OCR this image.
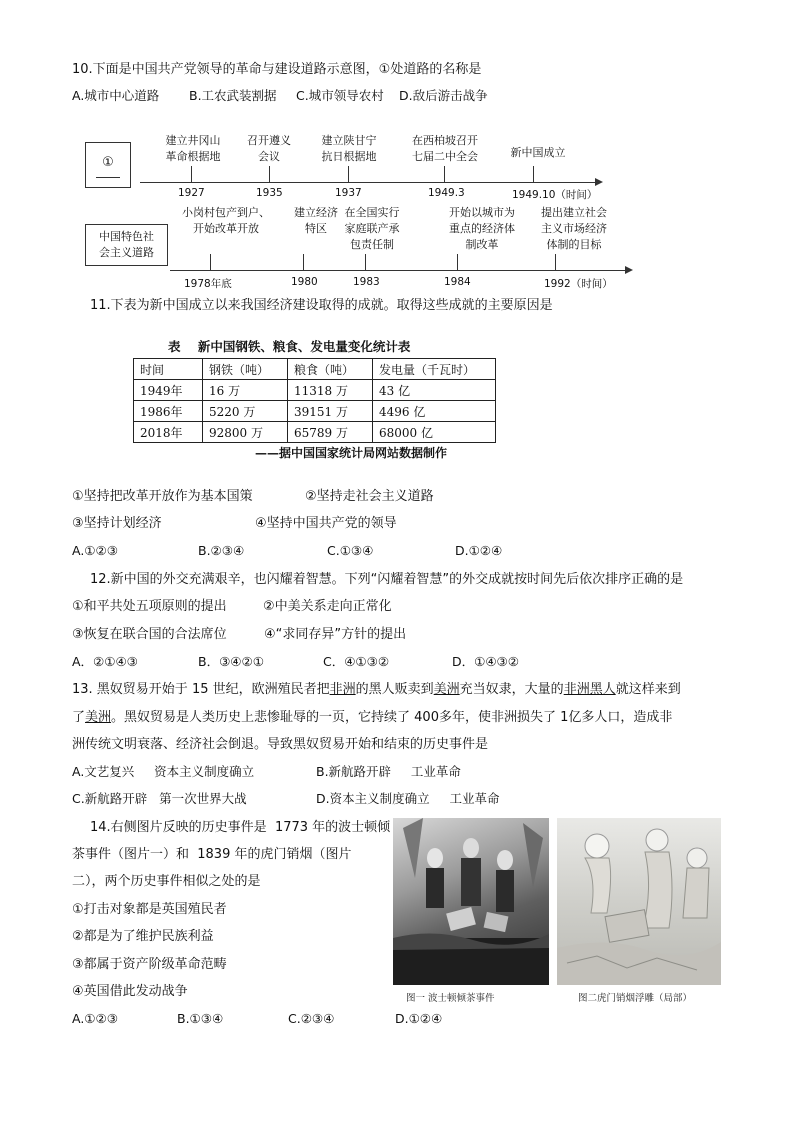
10.下面是中国共产党领导的革命与建设道路示意图，①处道路的名称是
A.城市中心道路 B.工农武装割据 C.城市领导农村 D.敌后游击战争
①
建立井冈山
革命根据地
召开遵义
会议
建立陕甘宁
抗日根据地
在西柏坡召开
七届二中全会	新中国成立
1927	1935	1937	1949.3	1949.10（时间）
中国特色社
会主义道路
小岗村包产到户、
开始改革开放
建立经济
特区
在全国实行
家庭联产承
包责任制
开始以城市为
重点的经济体
制改革
提出建立社会
主义市场经济
体制的目标
1978年底	1980	1983	1984	1992（时间）
11.下表为新中国成立以来我国经济建设取得的成就。取得这些成就的主要原因是
表    新中国钢铁、粮食、发电量变化统计表
时间	钢铁（吨）	粮食（吨）	发电量（千瓦时）
1949年	16 万	11318 万	43 亿
1986年	5220 万	39151 万	4496 亿
2018年	92800 万	65789 万	68000 亿
——据中国国家统计局网站数据制作
①坚持把改革开放作为基本国策	②坚持走社会主义道路
③坚持计划经济	④坚持中国共产党的领导
A.①②③	B.②③④	C.①③④	D.①②④
12.新中国的外交充满艰辛，也闪耀着智慧。下列“闪耀着智慧”的外交成就按时间先后依次排序正确的是
①和平共处五项原则的提出	②中美关系走向正常化
③恢复在联合国的合法席位	④“求同存异”方针的提出
A．②①④③	B．③④②①	C．④①③②	D．①④③②
13. 黑奴贸易开始于 15 世纪，欧洲殖民者把非洲的黑人贩卖到美洲充当奴隶，大量的非洲黑人就这样来到
了美洲。黑奴贸易是人类历史上悲惨耻辱的一页，它持续了 400多年，使非洲损失了 1亿多人口，造成非
洲传统文明衰落、经济社会倒退。导致黑奴贸易开始和结束的历史事件是
A.文艺复兴     资本主义制度确立	B.新航路开辟     工业革命
C.新航路开辟   第一次世界大战	D.资本主义制度确立     工业革命
14.右侧图片反映的历史事件是  1773 年的波士顿倾
茶事件（图片一）和  1839 年的虎门销烟（图片
二），两个历史事件相似之处的是
①打击对象都是英国殖民者
②都是为了维护民族利益
③都属于资产阶级革命范畴
④英国借此发动战争
A.①②③	B.①③④	C.②③④	D.①②④
图一 波士顿倾茶事件	图二虎门销烟浮雕（局部）
